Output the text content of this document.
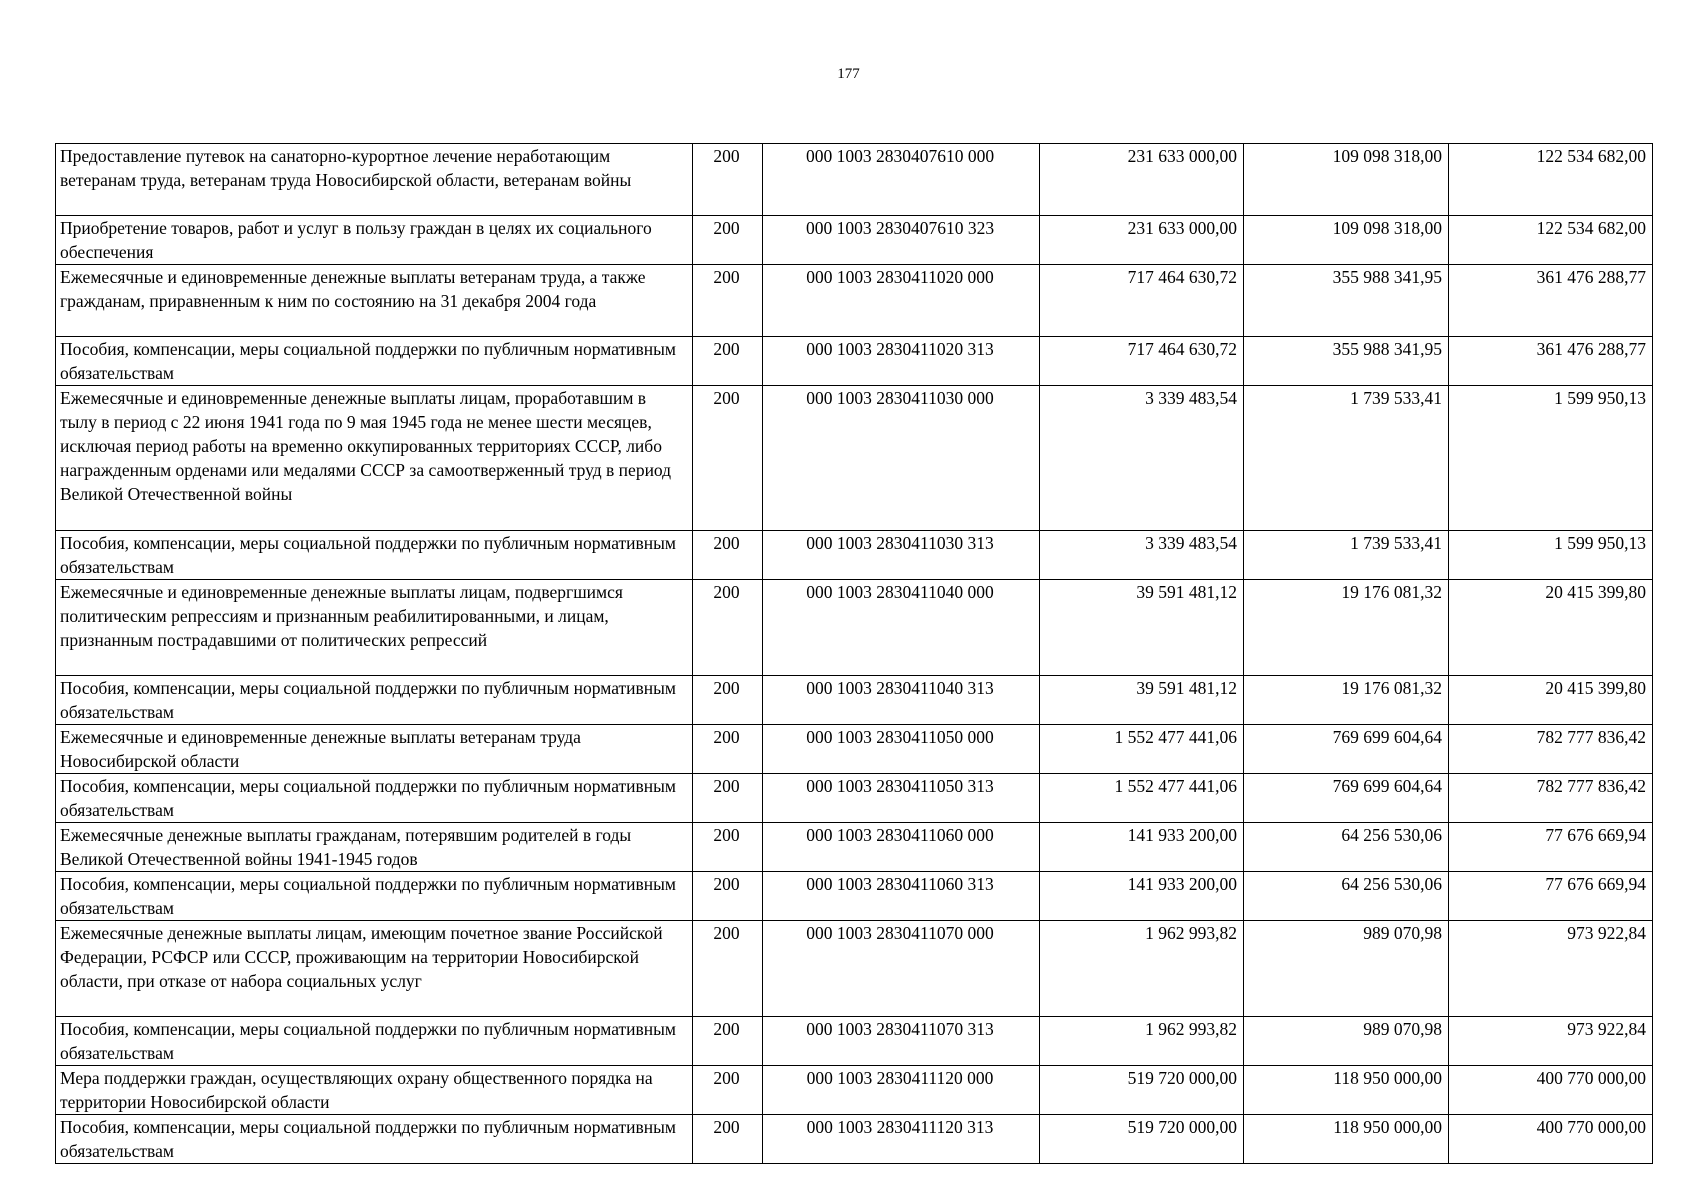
177
Предоставление путевок на санаторно-курортное лечение неработающим ветеранам труда, ветеранам труда Новосибирской области, ветеранам войны	200	000 1003 2830407610 000	231 633 000,00	109 098 318,00	122 534 682,00
Приобретение товаров, работ и услуг в пользу граждан в целях их социального обеспечения	200	000 1003 2830407610 323	231 633 000,00	109 098 318,00	122 534 682,00
Ежемесячные и единовременные денежные выплаты ветеранам труда, а также гражданам, приравненным к ним по состоянию на 31 декабря 2004 года	200	000 1003 2830411020 000	717 464 630,72	355 988 341,95	361 476 288,77
Пособия, компенсации, меры социальной поддержки по публичным нормативным обязательствам	200	000 1003 2830411020 313	717 464 630,72	355 988 341,95	361 476 288,77
Ежемесячные и единовременные денежные выплаты лицам, проработавшим в тылу в период с 22 июня 1941 года по 9 мая 1945 года не менее шести месяцев, исключая период работы на временно оккупированных территориях СССР, либо награжденным орденами или медалями СССР за самоотверженный труд в период Великой Отечественной войны	200	000 1003 2830411030 000	3 339 483,54	1 739 533,41	1 599 950,13
Пособия, компенсации, меры социальной поддержки по публичным нормативным обязательствам	200	000 1003 2830411030 313	3 339 483,54	1 739 533,41	1 599 950,13
Ежемесячные и единовременные денежные выплаты лицам, подвергшимся политическим репрессиям и признанным реабилитированными, и лицам, признанным пострадавшими от политических репрессий	200	000 1003 2830411040 000	39 591 481,12	19 176 081,32	20 415 399,80
Пособия, компенсации, меры социальной поддержки по публичным нормативным обязательствам	200	000 1003 2830411040 313	39 591 481,12	19 176 081,32	20 415 399,80
Ежемесячные и единовременные денежные выплаты ветеранам труда Новосибирской области	200	000 1003 2830411050 000	1 552 477 441,06	769 699 604,64	782 777 836,42
Пособия, компенсации, меры социальной поддержки по публичным нормативным обязательствам	200	000 1003 2830411050 313	1 552 477 441,06	769 699 604,64	782 777 836,42
Ежемесячные денежные выплаты гражданам, потерявшим родителей в годы Великой Отечественной войны 1941-1945 годов	200	000 1003 2830411060 000	141 933 200,00	64 256 530,06	77 676 669,94
Пособия, компенсации, меры социальной поддержки по публичным нормативным обязательствам	200	000 1003 2830411060 313	141 933 200,00	64 256 530,06	77 676 669,94
Ежемесячные денежные выплаты лицам, имеющим почетное звание Российской Федерации, РСФСР или СССР, проживающим на территории Новосибирской области, при отказе от набора социальных услуг	200	000 1003 2830411070 000	1 962 993,82	989 070,98	973 922,84
Пособия, компенсации, меры социальной поддержки по публичным нормативным обязательствам	200	000 1003 2830411070 313	1 962 993,82	989 070,98	973 922,84
Мера поддержки граждан, осуществляющих охрану общественного порядка на территории Новосибирской области	200	000 1003 2830411120 000	519 720 000,00	118 950 000,00	400 770 000,00
Пособия, компенсации, меры социальной поддержки по публичным нормативным обязательствам	200	000 1003 2830411120 313	519 720 000,00	118 950 000,00	400 770 000,00
